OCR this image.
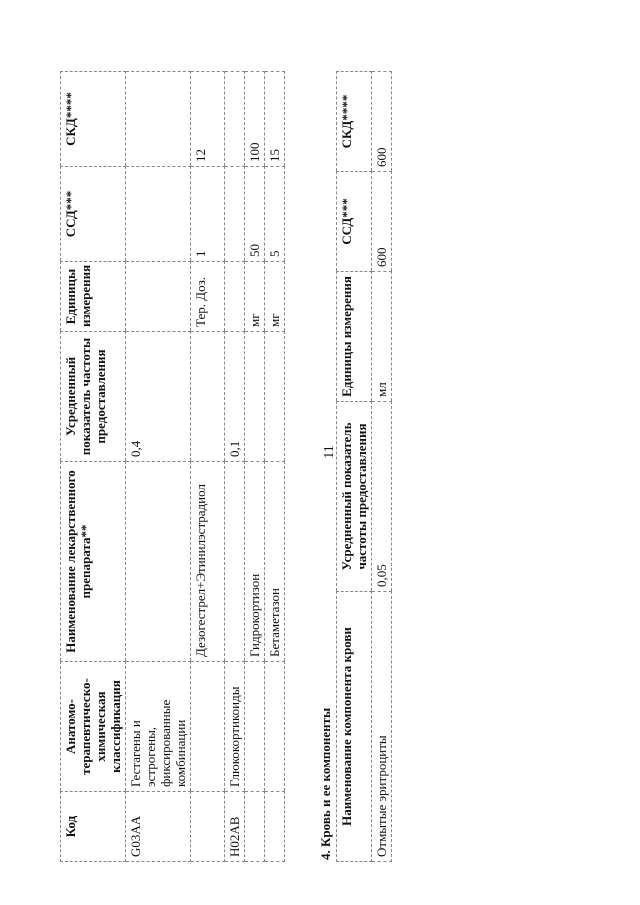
11
Код	Анатомо-терапевтическо-химическая классификация	Наименование лекарственного препарата**	Усредненный показатель частоты предоставления	Единицы измерения	ССД***	СКД****
G03AA	Гестагены и эстрогены, фиксированные комбинации		0,4			
		Дезогестрел+Этинилэстрадиол		Тер. Доз.	1	12
H02AB	Глюкокортикоиды		0,1			
		Гидрокортизон		мг	50	100
		Бетаметазон		мг	5	15
4. Кровь и ее компоненты Наименование компонента крови	Усредненный показатель частоты предоставления	Единицы измерения	ССД***	СКД****
Отмытые эритроциты	0,05	мл	600	600
